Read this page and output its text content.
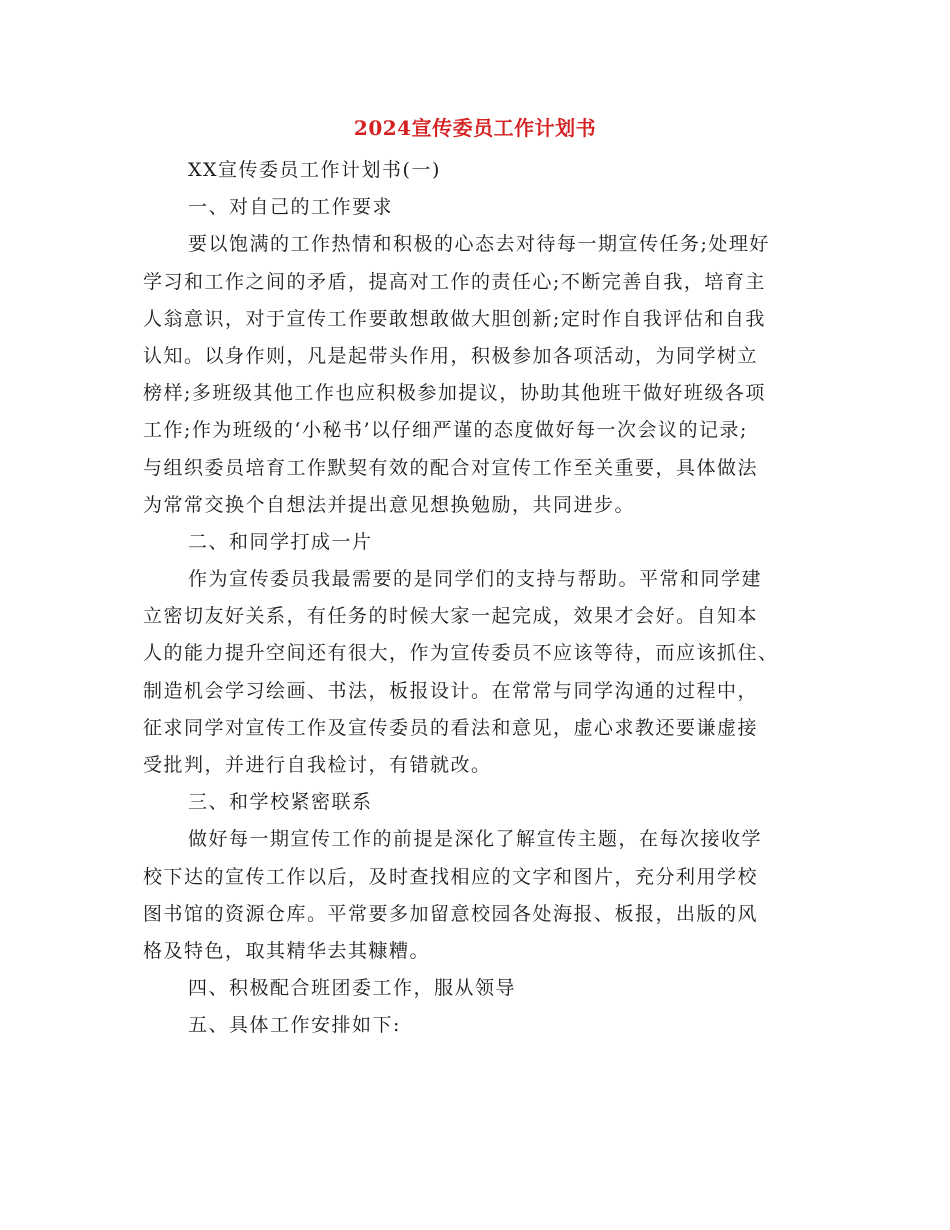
2024宣传委员工作计划书
XX宣传委员工作计划书(一)
一、对自己的工作要求
要以饱满的工作热情和积极的心态去对待每一期宣传任务;处理好
学习和工作之间的矛盾，提高对工作的责任心;不断完善自我，培育主
人翁意识，对于宣传工作要敢想敢做大胆创新;定时作自我评估和自我
认知。以身作则，凡是起带头作用，积极参加各项活动，为同学树立
榜样;多班级其他工作也应积极参加提议，协助其他班干做好班级各项
工作;作为班级的‘小秘书’以仔细严谨的态度做好每一次会议的记录;
与组织委员培育工作默契有效的配合对宣传工作至关重要，具体做法
为常常交换个自想法并提出意见想换勉励，共同进步。
二、和同学打成一片
作为宣传委员我最需要的是同学们的支持与帮助。平常和同学建
立密切友好关系，有任务的时候大家一起完成，效果才会好。自知本
人的能力提升空间还有很大，作为宣传委员不应该等待，而应该抓住、
制造机会学习绘画、书法，板报设计。在常常与同学沟通的过程中，
征求同学对宣传工作及宣传委员的看法和意见，虚心求教还要谦虚接
受批判，并进行自我检讨，有错就改。
三、和学校紧密联系
做好每一期宣传工作的前提是深化了解宣传主题，在每次接收学
校下达的宣传工作以后，及时查找相应的文字和图片，充分利用学校
图书馆的资源仓库。平常要多加留意校园各处海报、板报，出版的风
格及特色，取其精华去其糠糟。
四、积极配合班团委工作，服从领导
五、具体工作安排如下:
